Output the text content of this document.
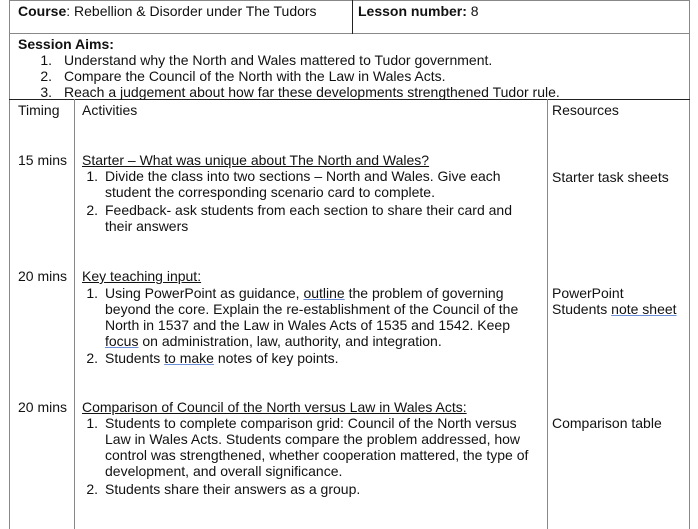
Course: Rebellion & Disorder under The Tudors	Lesson number: 8
Session Aims:
1. Understand why the North and Wales mattered to Tudor government.
2. Compare the Council of the North with the Law in Wales Acts.
3. Reach a judgement about how far these developments strengthened Tudor rule.
Timing Activities	Resources
15 mins Starter – What was unique about The North and Wales?
1. Divide the class into two sections – North and Wales. Give each
student the corresponding scenario card to complete.
2. Feedback- ask students from each section to share their card and
their answers
Starter task sheets
20 mins Key teaching input:
1. Using PowerPoint as guidance, outline the problem of governing
beyond the core. Explain the re-establishment of the Council of the
North in 1537 and the Law in Wales Acts of 1535 and 1542. Keep
focus on administration, law, authority, and integration.
2. Students to make notes of key points.
PowerPoint
Students note sheet
20 mins Comparison of Council of the North versus Law in Wales Acts:
1. Students to complete comparison grid: Council of the North versus
Law in Wales Acts. Students compare the problem addressed, how
control was strengthened, whether cooperation mattered, the type of
development, and overall significance.
2. Students share their answers as a group.
Comparison table
